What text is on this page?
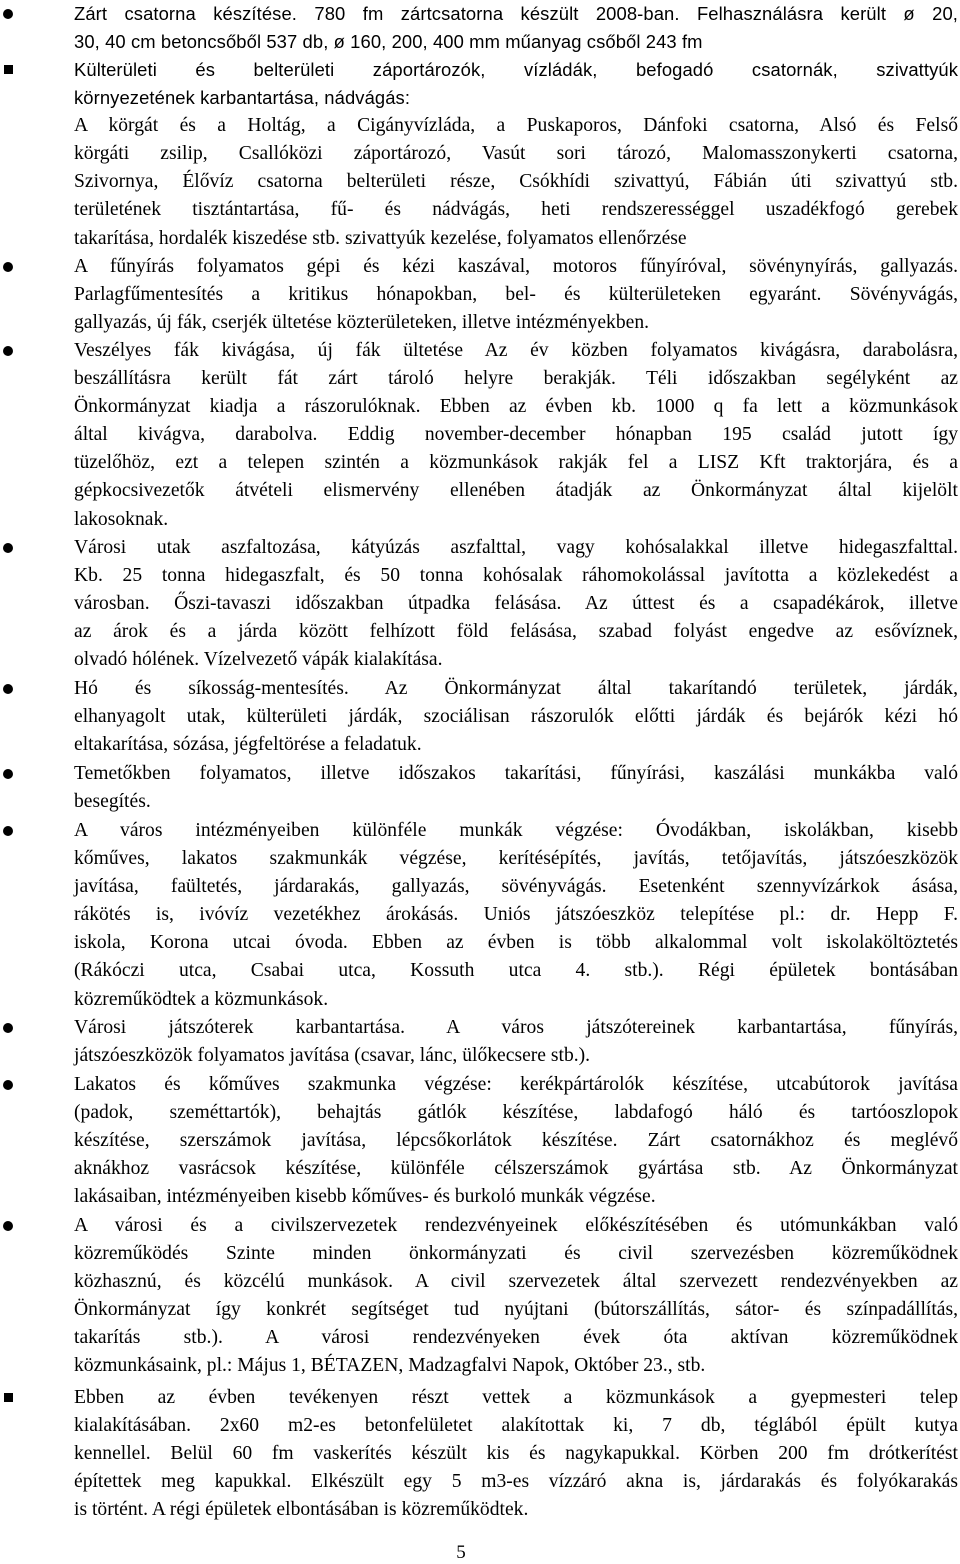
Zárt csatorna készítése. 780 fm zártcsatorna készült 2008-ban. Felhasználásra került ø 20,
30, 40 cm betoncsőből 537 db, ø 160, 200, 400 mm műanyag csőből 243 fm
Külterületi és belterületi záportározók, vízládák, befogadó csatornák, szivattyúk
környezetének karbantartása, nádvágás:
A körgát és a Holtág, a Cigányvízláda, a Puskaporos, Dánfoki csatorna, Alsó és Felső
körgáti zsilip, Csallóközi záportározó, Vasút sori tározó, Malomasszonykerti csatorna,
Szivornya, Élővíz csatorna belterületi része, Csókhídi szivattyú, Fábián úti szivattyú stb.
területének tisztántartása, fű- és nádvágás, heti rendszerességgel uszadékfogó gerebek
takarítása, hordalék kiszedése stb. szivattyúk kezelése, folyamatos ellenőrzése
A fűnyírás folyamatos gépi és kézi kaszával, motoros fűnyíróval, sövénynyírás, gallyazás.
Parlagfűmentesítés a kritikus hónapokban, bel- és külterületeken egyaránt. Sövényvágás,
gallyazás, új fák, cserjék ültetése közterületeken, illetve intézményekben.
Veszélyes fák kivágása, új fák ültetése Az év közben folyamatos kivágásra, darabolásra,
beszállításra került fát zárt tároló helyre berakják. Téli időszakban segélyként az
Önkormányzat kiadja a rászorulóknak. Ebben az évben kb. 1000 q fa lett a közmunkások
által kivágva, darabolva. Eddig november-december hónapban 195 család jutott így
tüzelőhöz, ezt a telepen szintén a közmunkások rakják fel a LISZ Kft traktorjára, és a
gépkocsivezetők átvételi elismervény ellenében átadják az Önkormányzat által kijelölt
lakosoknak.
Városi utak aszfaltozása, kátyúzás aszfalttal, vagy kohósalakkal illetve hidegaszfalttal.
Kb. 25 tonna hidegaszfalt, és 50 tonna kohósalak ráhomokolással javította a közlekedést a
városban. Őszi-tavaszi időszakban útpadka felásása. Az úttest és a csapadékárok, illetve
az árok és a járda között felhízott föld felásása, szabad folyást engedve az esővíznek,
olvadó hólének. Vízelvezető vápák kialakítása.
Hó és síkosság-mentesítés. Az Önkormányzat által takarítandó területek, járdák,
elhanyagolt utak, külterületi járdák, szociálisan rászorulók előtti járdák és bejárók kézi hó
eltakarítása, sózása, jégfeltörése a feladatuk.
Temetőkben folyamatos, illetve időszakos takarítási, fűnyírási, kaszálási munkákba való
besegítés.
A város intézményeiben különféle munkák végzése: Óvodákban, iskolákban, kisebb
kőműves, lakatos szakmunkák végzése, kerítésépítés, javítás, tetőjavítás, játszóeszközök
javítása, faültetés, járdarakás, gallyazás, sövényvágás. Esetenként szennyvízárkok ásása,
rákötés is, ivóvíz vezetékhez árokásás. Uniós játszóeszköz telepítése pl.: dr. Hepp F.
iskola, Korona utcai óvoda. Ebben az évben is több alkalommal volt iskolaköltöztetés
(Rákóczi utca, Csabai utca, Kossuth utca 4. stb.). Régi épületek bontásában
közreműködtek a közmunkások.
Városi játszóterek karbantartása. A város játszótereinek karbantartása, fűnyírás,
játszóeszközök folyamatos javítása (csavar, lánc, ülőkecsere stb.).
Lakatos és kőműves szakmunka végzése: kerékpártárolók készítése, utcabútorok javítása
(padok, szeméttartók), behajtás gátlók készítése, labdafogó háló és tartóoszlopok
készítése, szerszámok javítása, lépcsőkorlátok készítése. Zárt csatornákhoz és meglévő
aknákhoz vasrácsok készítése, különféle célszerszámok gyártása stb. Az Önkormányzat
lakásaiban, intézményeiben kisebb kőműves- és burkoló munkák végzése.
A városi és a civilszervezetek rendezvényeinek előkészítésében és utómunkákban való
közreműködés Szinte minden önkormányzati és civil szervezésben közreműködnek
közhasznú, és közcélú munkások. A civil szervezetek által szervezett rendezvényekben az
Önkormányzat így konkrét segítséget tud nyújtani (bútorszállítás, sátor- és színpadállítás,
takarítás stb.). A városi rendezvényeken évek óta aktívan közreműködnek
közmunkásaink, pl.: Május 1, BÉTAZEN, Madzagfalvi Napok, Október 23., stb.
Ebben az évben tevékenyen részt vettek a közmunkások a gyepmesteri telep
kialakításában. 2x60 m2-es betonfelületet alakítottak ki, 7 db, téglából épült kutya
kennellel. Belül 60 fm vaskerítés készült kis és nagykapukkal. Körben 200 fm drótkerítést
építettek meg kapukkal. Elkészült egy 5 m3-es vízzáró akna is, járdarakás és folyókarakás
is történt. A régi épületek elbontásában is közreműködtek.
5
